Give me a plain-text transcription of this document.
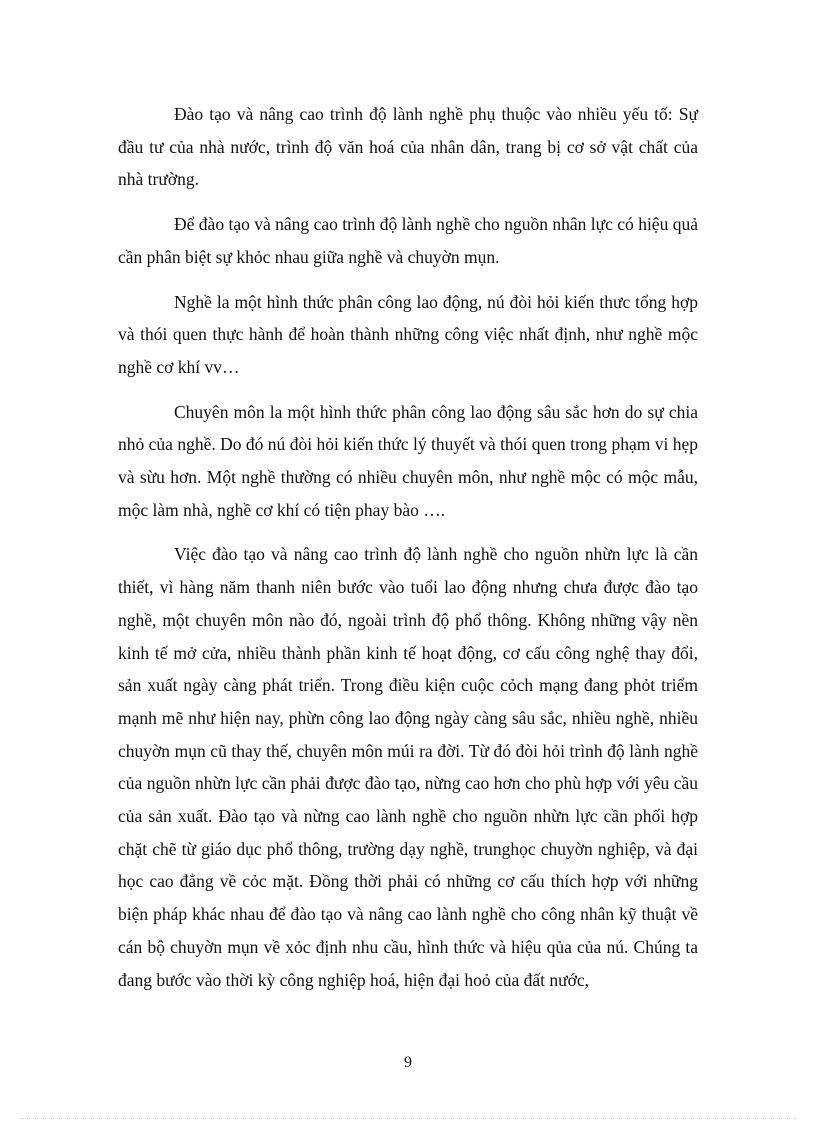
Đào tạo và nâng cao trình độ lành nghề phụ thuộc vào nhiều yếu tố: Sự đầu tư của nhà nước, trình độ văn hoá của nhân dân, trang bị cơ sở vật chất của nhà trường.

Để đào tạo và nâng cao trình độ lành nghề cho nguồn nhân lực có hiệu quả cần phân biệt sự khỏc nhau giữa nghề và chuyờn mụn.

Nghề la một hình thức phân công lao động, nú đòi hỏi kiến thưc tổng hợp và thói quen thực hành để hoàn thành những công việc nhất định, như nghề mộc nghề cơ khí vv…

Chuyên môn la một hình thức phân công lao động sâu sắc hơn do sự chia nhỏ của nghề. Do đó nú đòi hỏi kiến thức lý thuyết và thói quen trong phạm vi hẹp và sừu hơn. Một nghề thường có nhiều chuyên môn, như nghề mộc có mộc mẫu, mộc làm nhà, nghề cơ khí có tiện phay bào ….

Việc đào tạo và nâng cao trình độ lành nghề cho nguồn nhừn lực là cần thiết, vì hàng năm thanh niên bước vào tuổi lao động nhưng chưa được đào tạo nghề, một chuyên môn nào đó, ngoài trình độ phổ thông. Không những vậy nền kinh tế mở cửa, nhiều thành phần kinh tế hoạt động, cơ cấu công nghệ thay đổi, sản xuất ngày càng phát triển. Trong điều kiện cuộc cỏch mạng đang phỏt triểm mạnh mẽ như hiện nay, phừn công lao động ngày càng sâu sắc, nhiều nghề, nhiều chuyờn mụn cũ thay thế, chuyên môn múi ra đời. Từ đó đòi hỏi trình độ lành nghề của nguồn nhừn lực cần phải được đào tạo, nừng cao hơn cho phù hợp với yêu cầu của sản xuất. Đào tạo và nừng cao lành nghề cho nguồn nhừn lực cần phối hợp chặt chẽ từ giáo dục phổ thông, trường dạy nghề, trunghọc chuyờn nghiệp, và đại học cao đẳng về cỏc mặt. Đồng thời phải có những cơ cấu thích hợp với những biện pháp khác nhau để đào tạo và nâng cao lành nghề cho công nhân kỹ thuật về cán bộ chuyờn mụn về xỏc định nhu cầu, hình thức và hiệu qủa của nú. Chúng ta đang bước vào thời kỳ công nghiệp hoá, hiện đại hoỏ của đất nước,

9
